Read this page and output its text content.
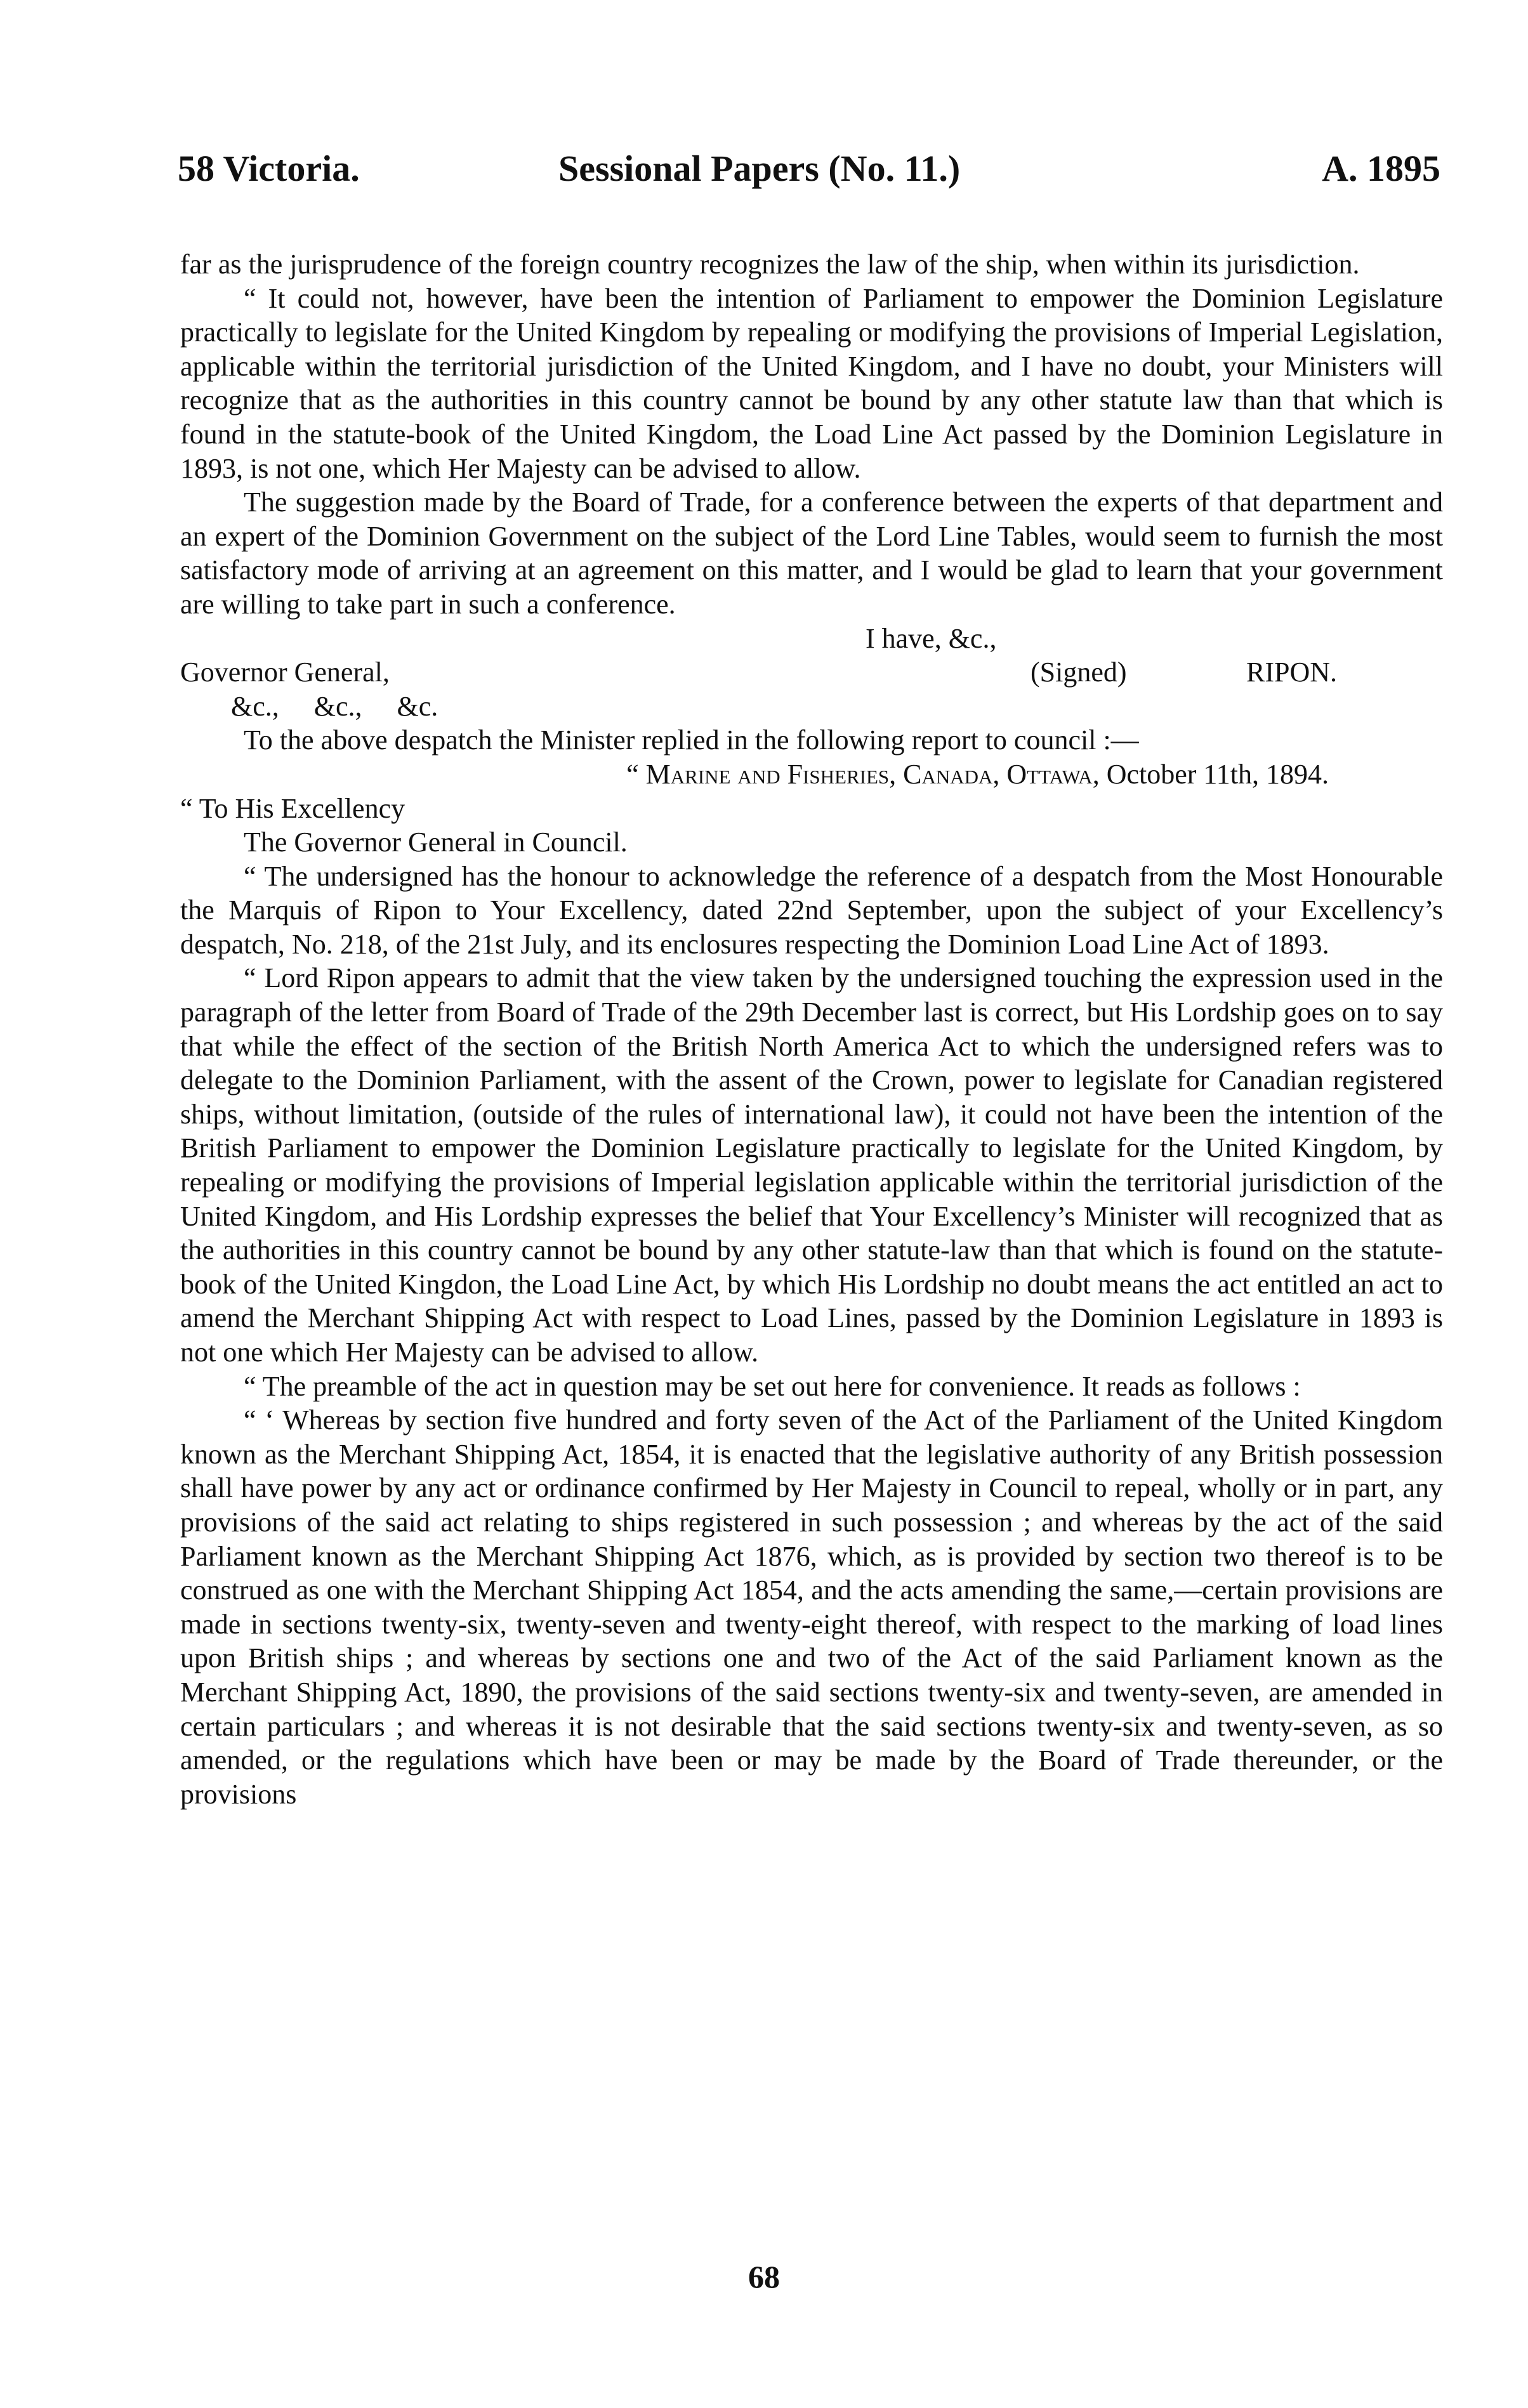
58 Victoria.	Sessional Papers (No. 11.)	A. 1895

far as the jurisprudence of the foreign country recognizes the law of the ship, when within its jurisdiction.

“ It could not, however, have been the intention of Parliament to empower the Dominion Legislature practically to legislate for the United Kingdom by repealing or modifying the provisions of Imperial Legislation, applicable within the territorial jurisdiction of the United Kingdom, and I have no doubt, your Ministers will recognize that as the authorities in this country cannot be bound by any other statute law than that which is found in the statute-book of the United Kingdom, the Load Line Act passed by the Dominion Legislature in 1893, is not one, which Her Majesty can be advised to allow.

The suggestion made by the Board of Trade, for a conference between the experts of that department and an expert of the Dominion Government on the subject of the Lord Line Tables, would seem to furnish the most satisfactory mode of arriving at an agreement on this matter, and I would be glad to learn that your government are willing to take part in such a conference.

I have, &c.,
Governor General,	(Signed)	RIPON.
&c.,     &c.,     &c.

To the above despatch the Minister replied in the following report to council :—

“ Marine and Fisheries, Canada, Ottawa, October 11th, 1894.

“ To His Excellency

The Governor General in Council.

“ The undersigned has the honour to acknowledge the reference of a despatch from the Most Honourable the Marquis of Ripon to Your Excellency, dated 22nd September, upon the subject of your Excellency’s despatch, No. 218, of the 21st July, and its enclosures respecting the Dominion Load Line Act of 1893.

“ Lord Ripon appears to admit that the view taken by the undersigned touching the expression used in the paragraph of the letter from Board of Trade of the 29th December last is correct, but His Lordship goes on to say that while the effect of the section of the British North America Act to which the undersigned refers was to delegate to the Dominion Parliament, with the assent of the Crown, power to legislate for Canadian registered ships, without limitation, (outside of the rules of international law), it could not have been the intention of the British Parliament to empower the Dominion Legislature practically to legislate for the United Kingdom, by repealing or modifying the provisions of Imperial legislation applicable within the territorial jurisdiction of the United Kingdom, and His Lordship expresses the belief that Your Excellency’s Minister will recognized that as the authorities in this country cannot be bound by any other statute-law than that which is found on the statute-book of the United Kingdon, the Load Line Act, by which His Lordship no doubt means the act entitled an act to amend the Merchant Shipping Act with respect to Load Lines, passed by the Dominion Legislature in 1893 is not one which Her Majesty can be advised to allow.

“ The preamble of the act in question may be set out here for convenience. It reads as follows :

“ ‘ Whereas by section five hundred and forty seven of the Act of the Parliament of the United Kingdom known as the Merchant Shipping Act, 1854, it is enacted that the legislative authority of any British possession shall have power by any act or ordinance confirmed by Her Majesty in Council to repeal, wholly or in part, any provisions of the said act relating to ships registered in such possession ; and whereas by the act of the said Parliament known as the Merchant Shipping Act 1876, which, as is provided by section two thereof is to be construed as one with the Merchant Shipping Act 1854, and the acts amending the same,—certain provisions are made in sections twenty-six, twenty-seven and twenty-eight thereof, with respect to the marking of load lines upon British ships ; and whereas by sections one and two of the Act of the said Parliament known as the Merchant Shipping Act, 1890, the provisions of the said sections twenty-six and twenty-seven, are amended in certain particulars ; and whereas it is not desirable that the said sections twenty-six and twenty-seven, as so amended, or the regulations which have been or may be made by the Board of Trade thereunder, or the provisions

68
